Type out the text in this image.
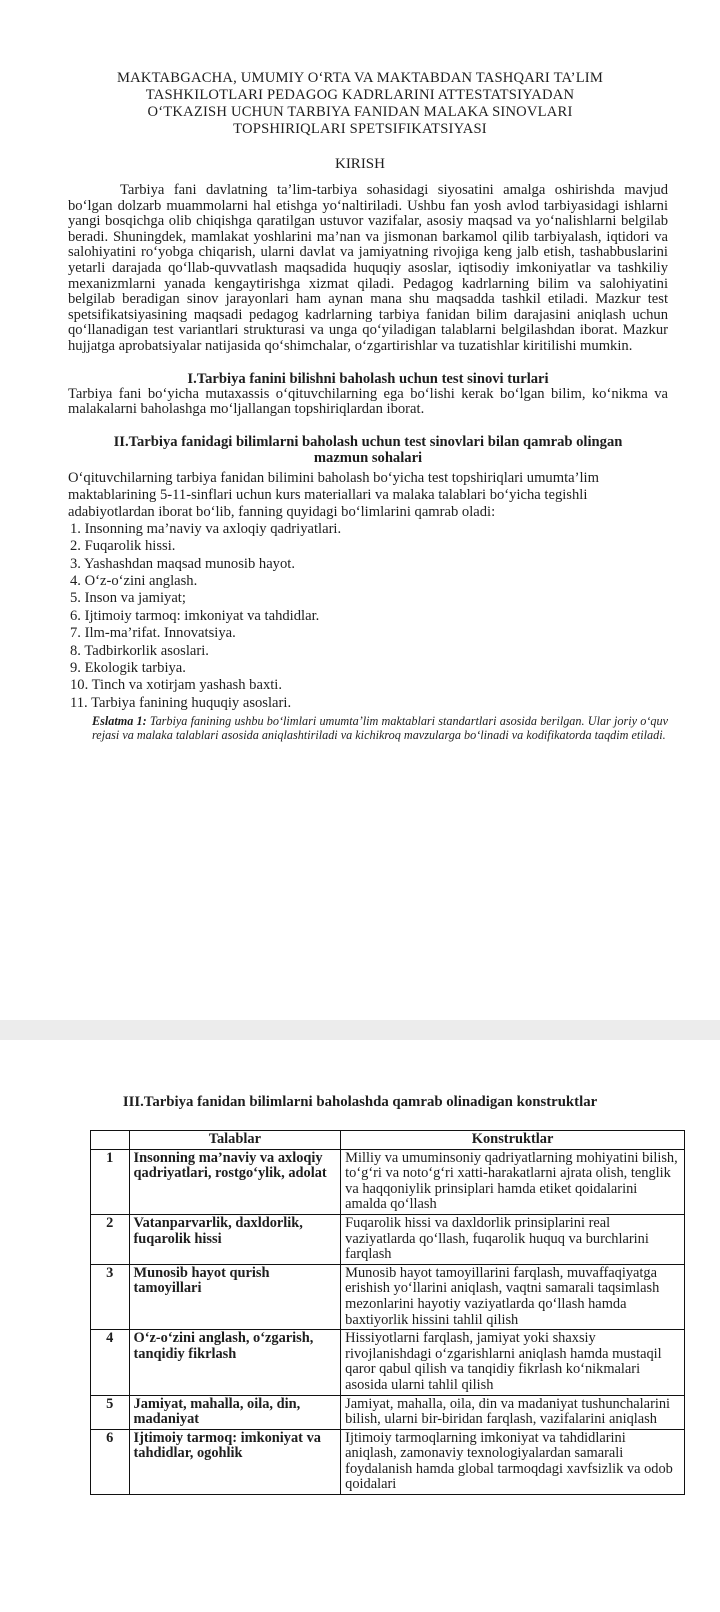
MAKTABGACHA, UMUMIY O‘RTA VA MAKTABDAN TASHQARI TA’LIM
TASHKILOTLARI PEDAGOG KADRLARINI ATTESTATSIYADAN
O‘TKAZISH UCHUN TARBIYA FANIDAN MALAKA SINOVLARI
TOPSHIRIQLARI SPETSIFIKATSIYASI
KIRISH

Tarbiya fani davlatning ta’lim-tarbiya sohasidagi siyosatini amalga oshirishda mavjud bo‘lgan dolzarb muammolarni hal etishga yo‘naltiriladi. Ushbu fan yosh avlod tarbiyasidagi ishlarni yangi bosqichga olib chiqishga qaratilgan ustuvor vazifalar, asosiy maqsad va yo‘nalishlarni belgilab beradi. Shuningdek, mamlakat yoshlarini ma’nan va jismonan barkamol qilib tarbiyalash, iqtidori va salohiyatini ro‘yobga chiqarish, ularni davlat va jamiyatning rivojiga keng jalb etish, tashabbuslarini yetarli darajada qo‘llab-quvvatlash maqsadida huquqiy asoslar, iqtisodiy imkoniyatlar va tashkiliy mexanizmlarni yanada kengaytirishga xizmat qiladi. Pedagog kadrlarning bilim va salohiyatini belgilab beradigan sinov jarayonlari ham aynan mana shu maqsadda tashkil etiladi. Mazkur test spetsifikatsiyasining maqsadi pedagog kadrlarning tarbiya fanidan bilim darajasini aniqlash uchun qo‘llanadigan test variantlari strukturasi va unga qo‘yiladigan talablarni belgilashdan iborat. Mazkur hujjatga aprobatsiyalar natijasida qo‘shimchalar, o‘zgartirishlar va tuzatishlar kiritilishi mumkin.

I.Tarbiya fanini bilishni baholash uchun test sinovi turlari

Tarbiya fani bo‘yicha mutaxassis o‘qituvchilarning ega bo‘lishi kerak bo‘lgan bilim, ko‘nikma va malakalarni baholashga mo‘ljallangan topshiriqlardan iborat.

II.Tarbiya fanidagi bilimlarni baholash uchun test sinovlari bilan qamrab olingan
mazmun sohalari

O‘qituvchilarning tarbiya fanidan bilimini baholash bo‘yicha test topshiriqlari umumta’lim maktablarining 5-11-sinflari uchun kurs materiallari va malaka talablari bo‘yicha tegishli adabiyotlardan iborat bo‘lib, fanning quyidagi bo‘limlarini qamrab oladi:

1. Insonning ma’naviy va axloqiy qadriyatlari.
2. Fuqarolik hissi.
3. Yashashdan maqsad munosib hayot.
4. O‘z-o‘zini anglash.
5. Inson va jamiyat;
6. Ijtimoiy tarmoq: imkoniyat va tahdidlar.
7. Ilm-ma’rifat. Innovatsiya.
8. Tadbirkorlik asoslari.
9. Ekologik tarbiya.
10. Tinch va xotirjam yashash baxti.
11. Tarbiya fanining huquqiy asoslari.

Eslatma 1: Tarbiya fanining ushbu bo‘limlari umumta’lim maktablari standartlari asosida berilgan. Ular joriy o‘quv rejasi va malaka talablari asosida aniqlashtiriladi va kichikroq mavzularga bo‘linadi va kodifikatorda taqdim etiladi.

III.Tarbiya fanidan bilimlarni baholashda qamrab olinadigan konstruktlar

	Talablar	Konstruktlar
1	Insonning ma’naviy va axloqiy qadriyatlari, rostgo‘ylik, adolat	Milliy va umuminsoniy qadriyatlarning mohiyatini bilish, to‘g‘ri va noto‘g‘ri xatti-harakatlarni ajrata olish, tenglik va haqqoniylik prinsiplari hamda etiket qoidalarini amalda qo‘llash
2	Vatanparvarlik, daxldorlik, fuqarolik hissi	Fuqarolik hissi va daxldorlik prinsiplarini real vaziyatlarda qo‘llash, fuqarolik huquq va burchlarini farqlash
3	Munosib hayot qurish tamoyillari	Munosib hayot tamoyillarini farqlash, muvaffaqiyatga erishish yo‘llarini aniqlash, vaqtni samarali taqsimlash mezonlarini hayotiy vaziyatlarda qo‘llash hamda baxtiyorlik hissini tahlil qilish
4	O‘z-o‘zini anglash, o‘zgarish, tanqidiy fikrlash	Hissiyotlarni farqlash, jamiyat yoki shaxsiy rivojlanishdagi o‘zgarishlarni aniqlash hamda mustaqil qaror qabul qilish va tanqidiy fikrlash ko‘nikmalari asosida ularni tahlil qilish
5	Jamiyat, mahalla, oila, din, madaniyat	Jamiyat, mahalla, oila, din va madaniyat tushunchalarini bilish, ularni bir-biridan farqlash, vazifalarini aniqlash
6	Ijtimoiy tarmoq: imkoniyat va tahdidlar, ogohlik	Ijtimoiy tarmoqlarning imkoniyat va tahdidlarini aniqlash, zamonaviy texnologiyalardan samarali foydalanish hamda global tarmoqdagi xavfsizlik va odob qoidalari
